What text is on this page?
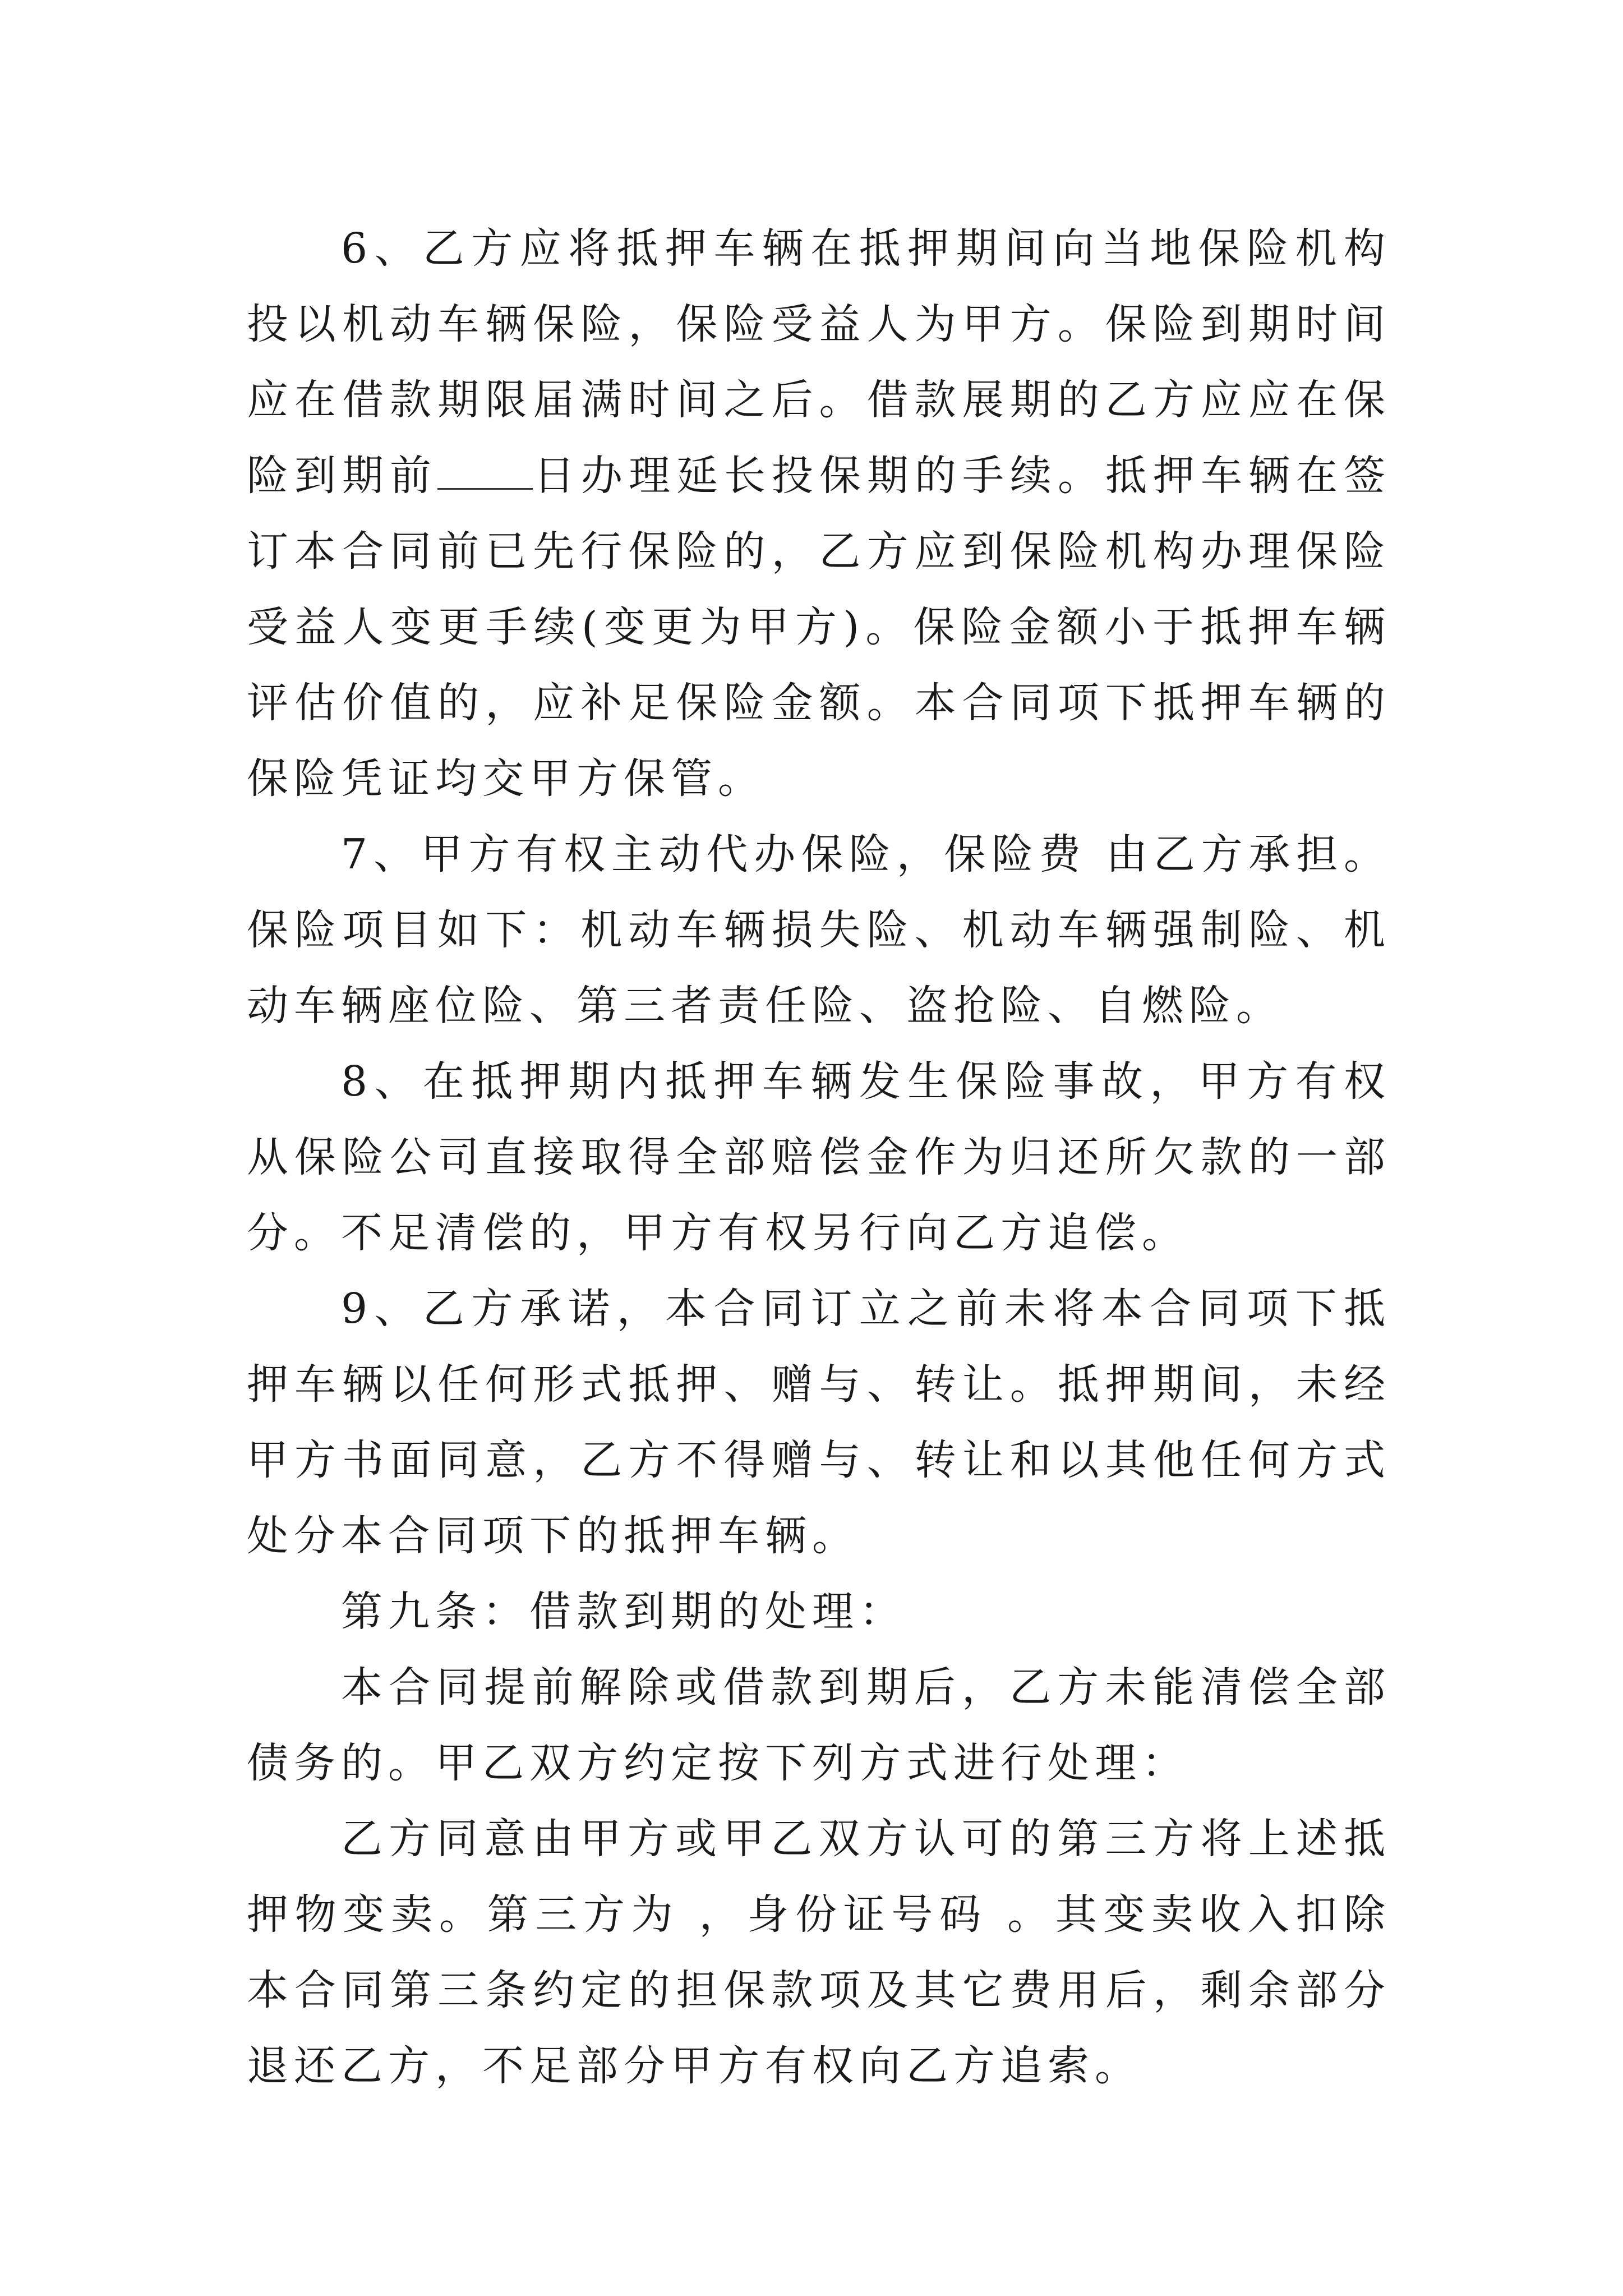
6、乙方应将抵押车辆在抵押期间向当地保险机构投以机动车辆保险，保险受益人为甲方。保险到期时间应在借款期限届满时间之后。借款展期的乙方应应在保险到期前 日办理延长投保期的手续。抵押车辆在签订本合同前已先行保险的，乙方应到保险机构办理保险受益人变更手续(变更为甲方)。保险金额小于抵押车辆评估价值的，应补足保险金额。本合同项下抵押车辆的保险凭证均交甲方保管。

7、甲方有权主动代办保险，保险费 由乙方承担。保险项目如下：机动车辆损失险、机动车辆强制险、机动车辆座位险、第三者责任险、盗抢险、自燃险。

8、在抵押期内抵押车辆发生保险事故，甲方有权从保险公司直接取得全部赔偿金作为归还所欠款的一部分。不足清偿的，甲方有权另行向乙方追偿。

9、乙方承诺，本合同订立之前未将本合同项下抵押车辆以任何形式抵押、赠与、转让。抵押期间，未经甲方书面同意，乙方不得赠与、转让和以其他任何方式处分本合同项下的抵押车辆。

第九条：借款到期的处理：

本合同提前解除或借款到期后，乙方未能清偿全部债务的。甲乙双方约定按下列方式进行处理：

乙方同意由甲方或甲乙双方认可的第三方将上述抵押物变卖。第三方为 ，身份证号码 。其变卖收入扣除本合同第三条约定的担保款项及其它费用后，剩余部分退还乙方，不足部分甲方有权向乙方追索。
